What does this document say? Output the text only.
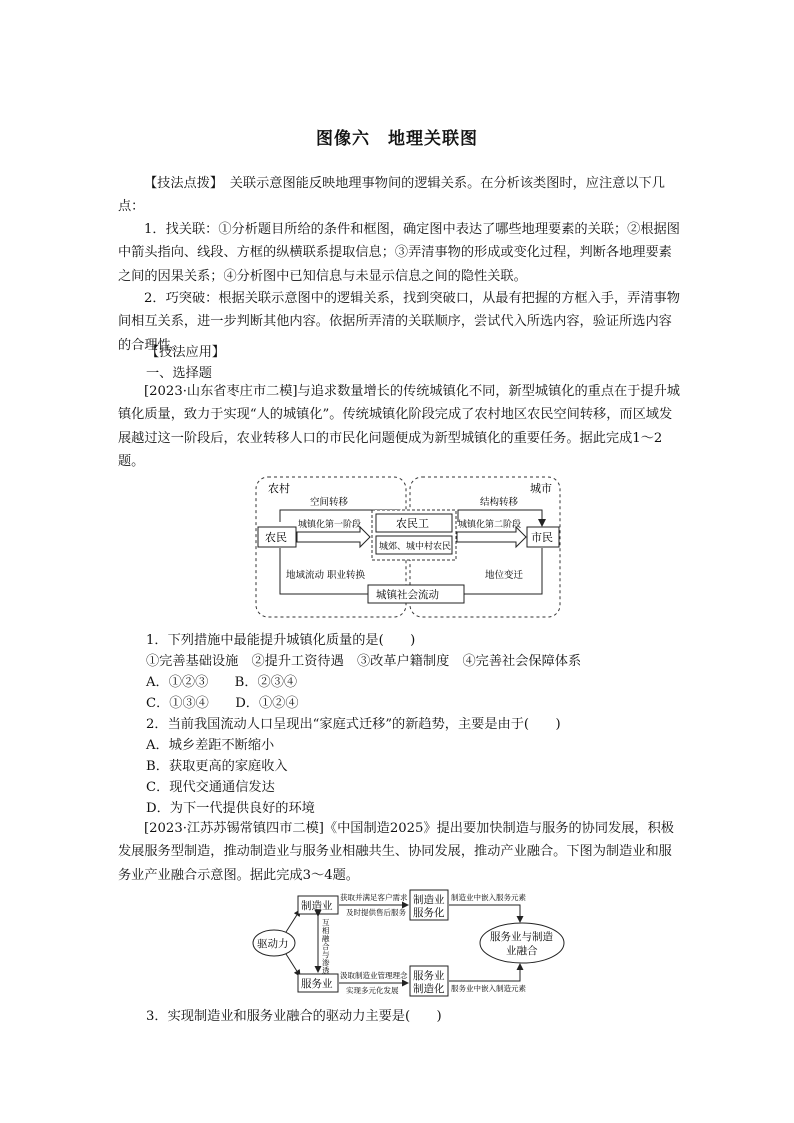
图像六　地理关联图

【技法点拨】　关联示意图能反映地理事物间的逻辑关系。在分析该类图时，应注意以下几点：

1．找关联：①分析题目所给的条件和框图，确定图中表达了哪些地理要素的关联；②根据图中箭头指向、线段、方框的纵横联系提取信息；③弄清事物的形成或变化过程，判断各地理要素之间的因果关系；④分析图中已知信息与未显示信息之间的隐性关联。

2．巧突破：根据关联示意图中的逻辑关系，找到突破口，从最有把握的方框入手，弄清事物间相互关系，进一步判断其他内容。依据所弄清的关联顺序，尝试代入所选内容，验证所选内容的合理性。

【技法应用】
一、选择题

[2023·山东省枣庄市二模]与追求数量增长的传统城镇化不同，新型城镇化的重点在于提升城镇化质量，致力于实现“人的城镇化”。传统城镇化阶段完成了农村地区农民空间转移，而区域发展越过这一阶段后，农业转移人口的市民化问题便成为新型城镇化的重要任务。据此完成1～2题。

农村	城市
空间转移	结构转移
农民
城镇化第一阶段	农民工
城郊、城中村农民
城镇化第二阶段
市民
地域流动 职业转换	地位变迁
城镇社会流动
1．下列措施中最能提升城镇化质量的是(　　)
①完善基础设施　②提升工资待遇　③改革户籍制度　④完善社会保障体系
A．①②③　　B．②③④
C．①③④　　D．①②④
2．当前我国流动人口呈现出“家庭式迁移”的新趋势，主要是由于(　　)
A．城乡差距不断缩小
B．获取更高的家庭收入
C．现代交通通信发达
D．为下一代提供良好的环境

[2023·江苏苏锡常镇四市二模]《中国制造2025》提出要加快制造与服务的协同发展，积极发展服务型制造，推动制造业与服务业相融共生、协同发展，推动产业融合。下图为制造业和服务业产业融合示意图。据此完成3～4题。

驱动力
制造业
服务业
互
相
融
合
与
渗
透
获取并满足客户需求
及时提供售后服务
汲取制造业管理理念
实现多元化发展
制造业
服务化
服务业
制造化
制造业中嵌入服务元素
服务业中嵌入制造元素
服务业与制造
业融合
3．实现制造业和服务业融合的驱动力主要是(　　)
